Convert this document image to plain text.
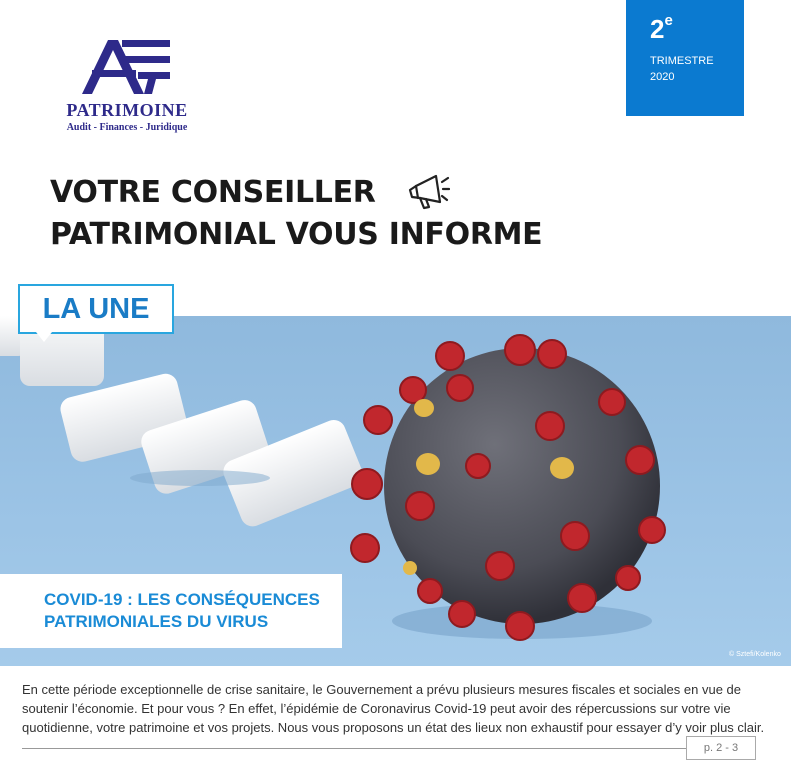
PATRIMOINE
Audit - Finances - Juridique
2e
TRIMESTRE
2020
VOTRE CONSEILLER
PATRIMONIAL VOUS INFORME
LA UNE
COVID-19 : LES CONSÉQUENCES
PATRIMONIALES DU VIRUS
© Sztefi/Kolenko
En cette période exceptionnelle de crise sanitaire, le Gouvernement a prévu plusieurs mesures fiscales et sociales en vue de soutenir l’économie. Et pour vous ? En effet, l’épidémie de Coronavirus Covid-19 peut avoir des répercussions sur votre vie quotidienne, votre patrimoine et vos projets. Nous vous proposons un état des lieux non exhaustif pour essayer d’y voir plus clair.
p. 2 - 3
